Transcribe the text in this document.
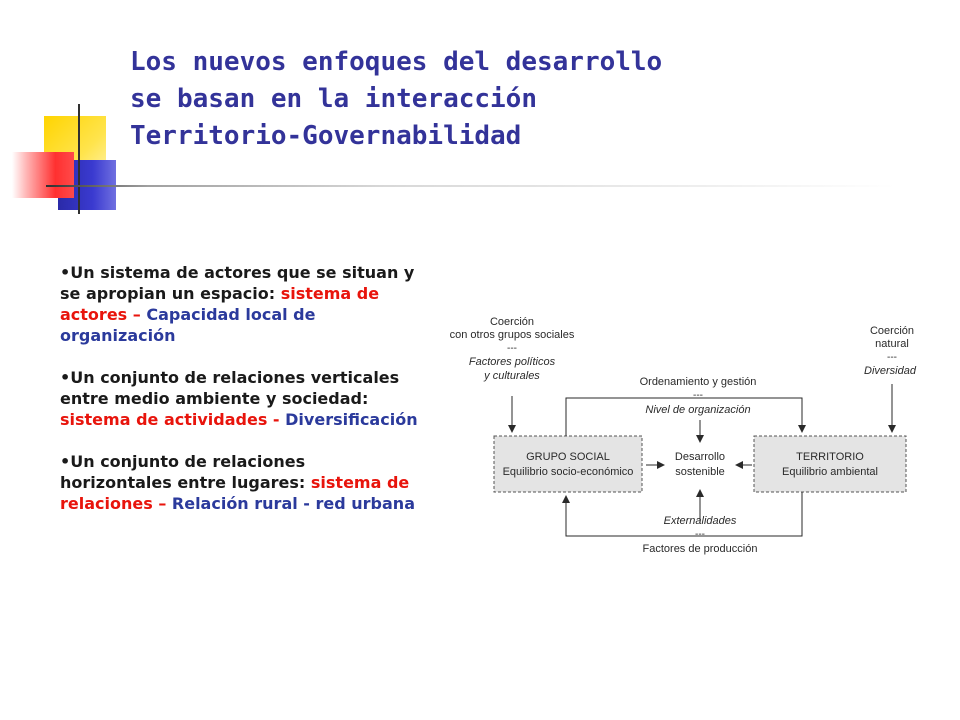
Los nuevos enfoques del desarrollo
se basan en la interacción
Territorio-Governabilidad

•Un sistema de actores que se situan y se apropian un espacio: sistema de actores – Capacidad local de organización

•Un conjunto de relaciones verticales entre medio ambiente y sociedad: sistema de actividades - Diversificación

•Un conjunto de relaciones horizontales entre lugares: sistema de relaciones – Relación rural - red urbana

Coerción
con otros grupos sociales
---
Factores políticos
y culturales
Coerción
natural
---
Diversidad
Ordenamiento y gestión
---
Nivel de organización
GRUPO SOCIAL
Equilibrio socio-económico
TERRITORIO
Equilibrio ambiental
Desarrollo
sostenible
Externalidades
---
Factores de producción
